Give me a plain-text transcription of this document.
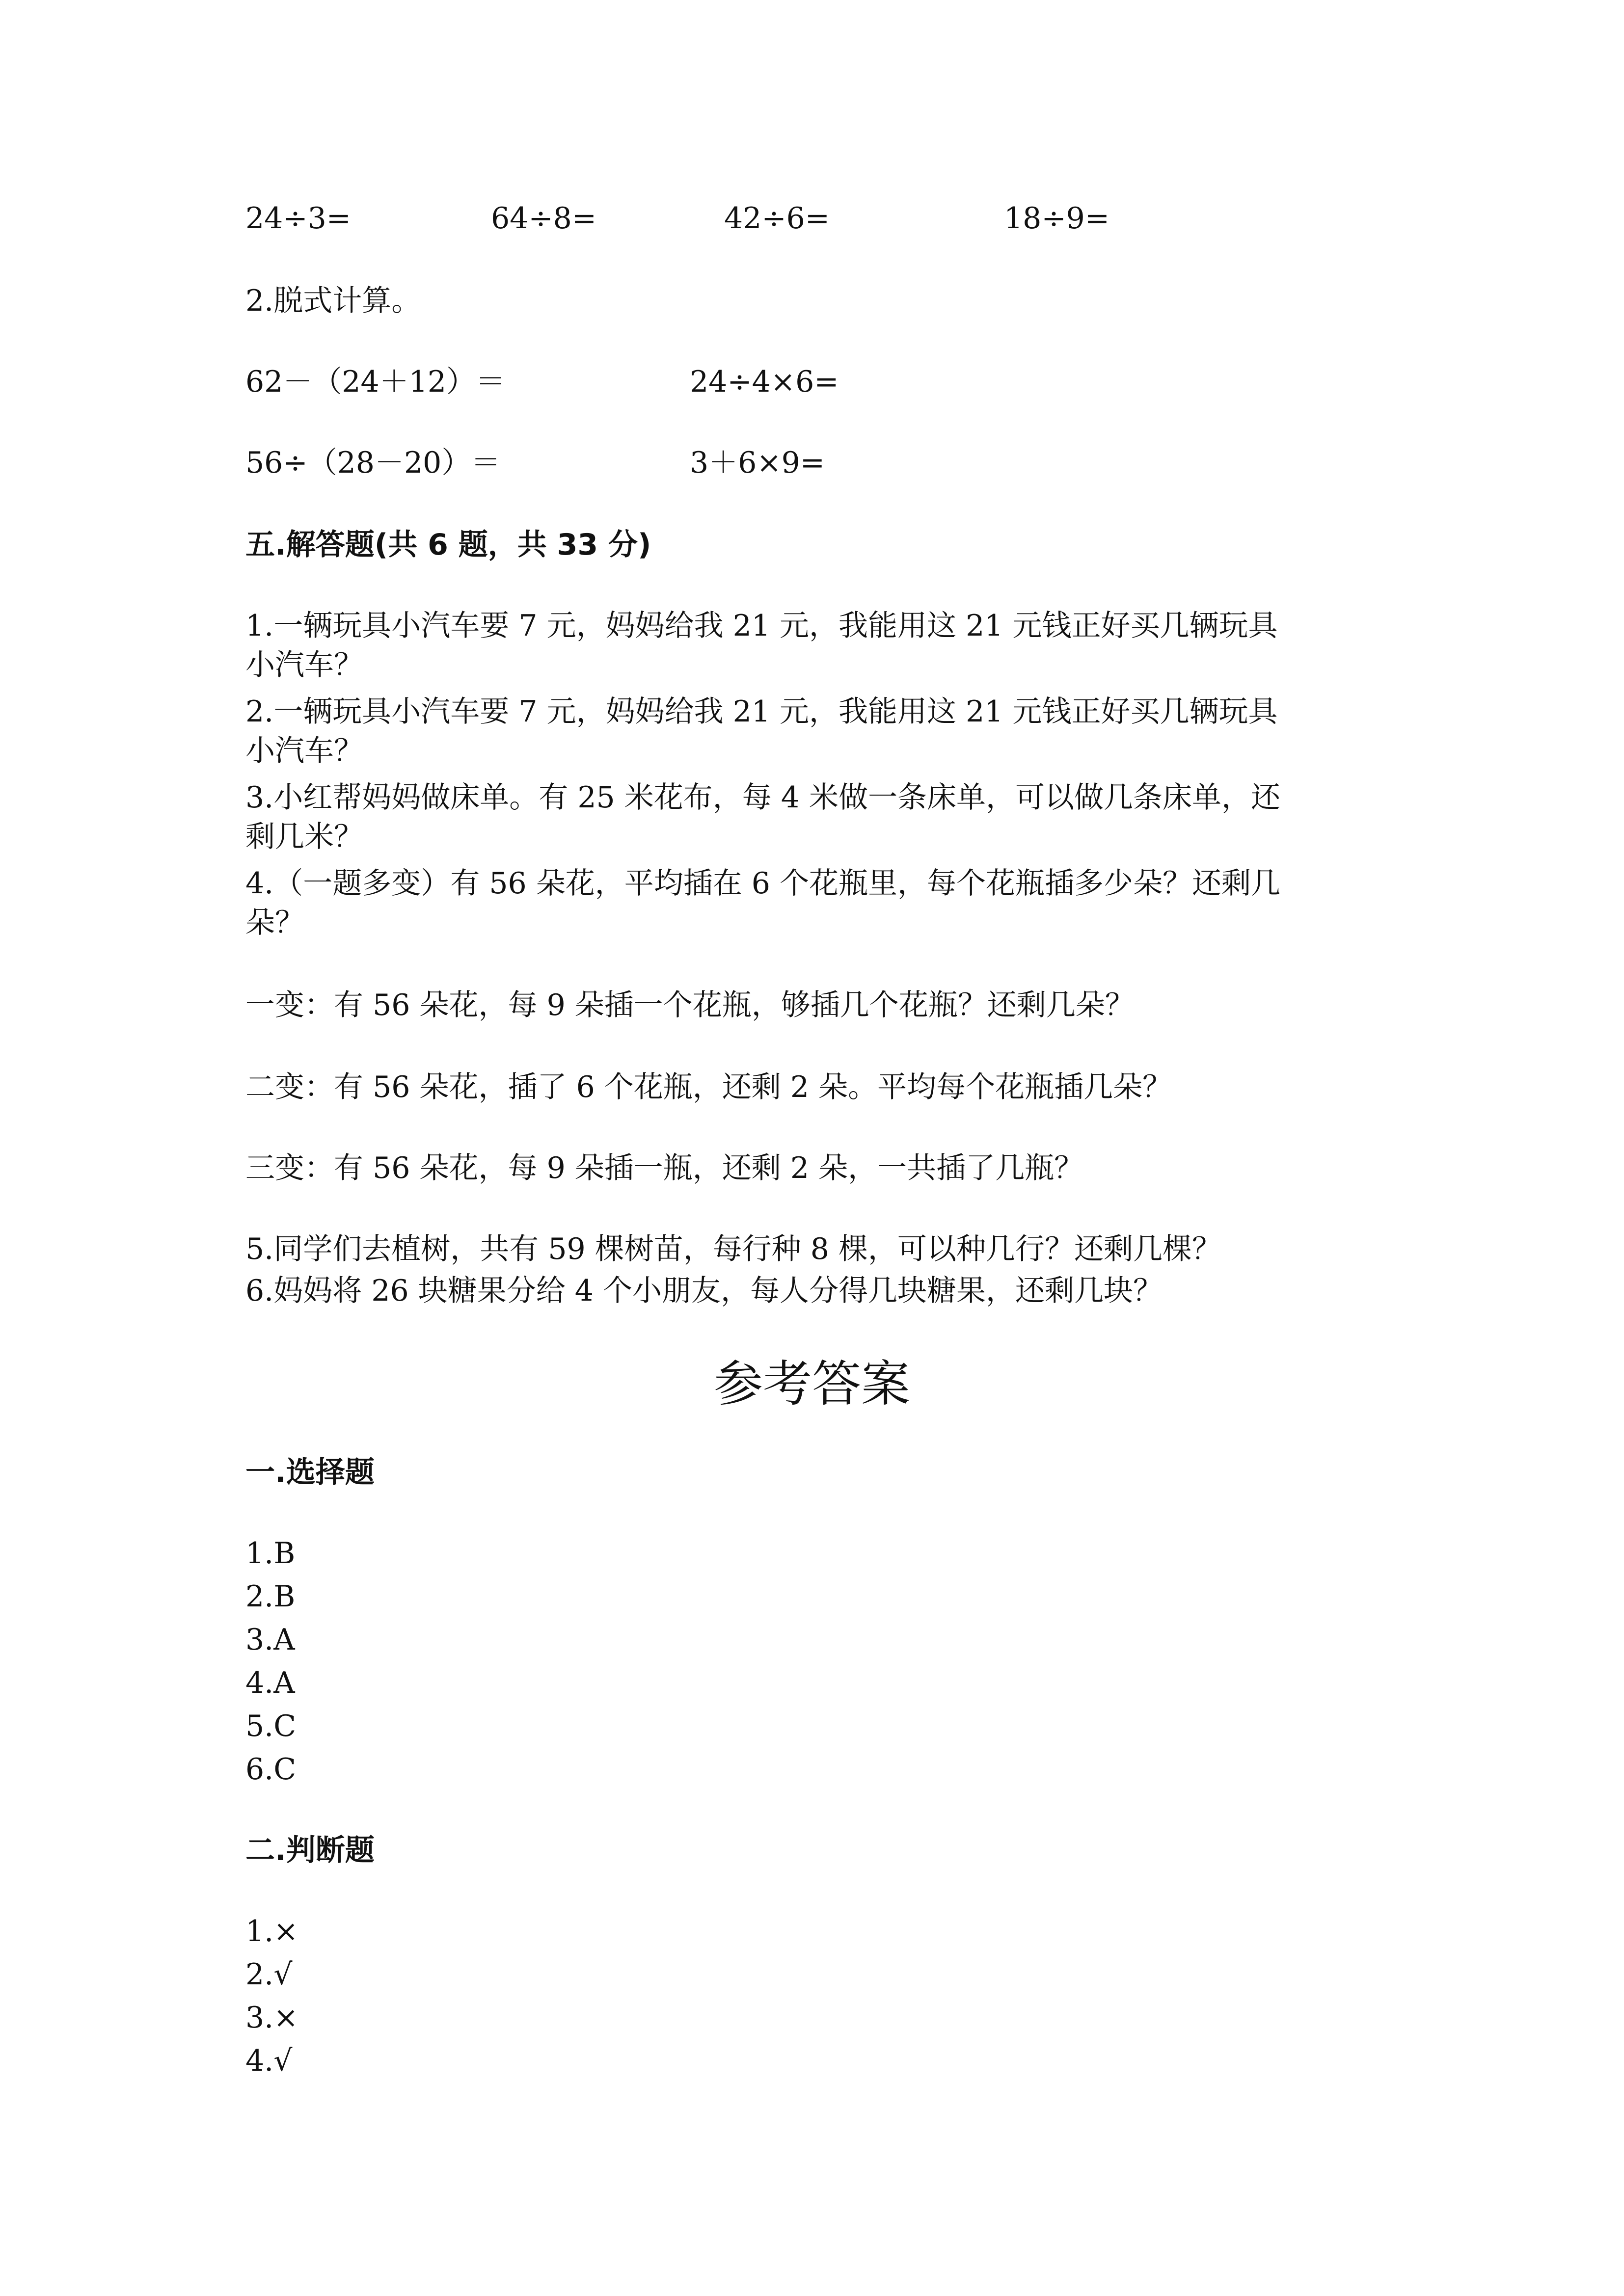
24÷3=	64÷8=	42÷6=	18÷9=
2.脱式计算。
62－（24＋12）＝	24÷4×6=
56÷（28－20）＝	3＋6×9=
五.解答题(共 6 题，共 33 分)
1.一辆玩具小汽车要 7 元，妈妈给我 21 元，我能用这 21 元钱正好买几辆玩具
小汽车？
2.一辆玩具小汽车要 7 元，妈妈给我 21 元，我能用这 21 元钱正好买几辆玩具
小汽车？
3.小红帮妈妈做床单。有 25 米花布，每 4 米做一条床单，可以做几条床单，还
剩几米？
4.（一题多变）有 56 朵花，平均插在 6 个花瓶里，每个花瓶插多少朵？还剩几
朵？
一变：有 56 朵花，每 9 朵插一个花瓶，够插几个花瓶？还剩几朵？
二变：有 56 朵花，插了 6 个花瓶，还剩 2 朵。平均每个花瓶插几朵？
三变：有 56 朵花，每 9 朵插一瓶，还剩 2 朵，一共插了几瓶？
5.同学们去植树，共有 59 棵树苗，每行种 8 棵，可以种几行？还剩几棵？
6.妈妈将 26 块糖果分给 4 个小朋友，每人分得几块糖果，还剩几块？
参考答案
一.选择题
1.B
2.B
3.A
4.A
5.C
6.C
二.判断题
1.×
2.√
3.×
4.√
